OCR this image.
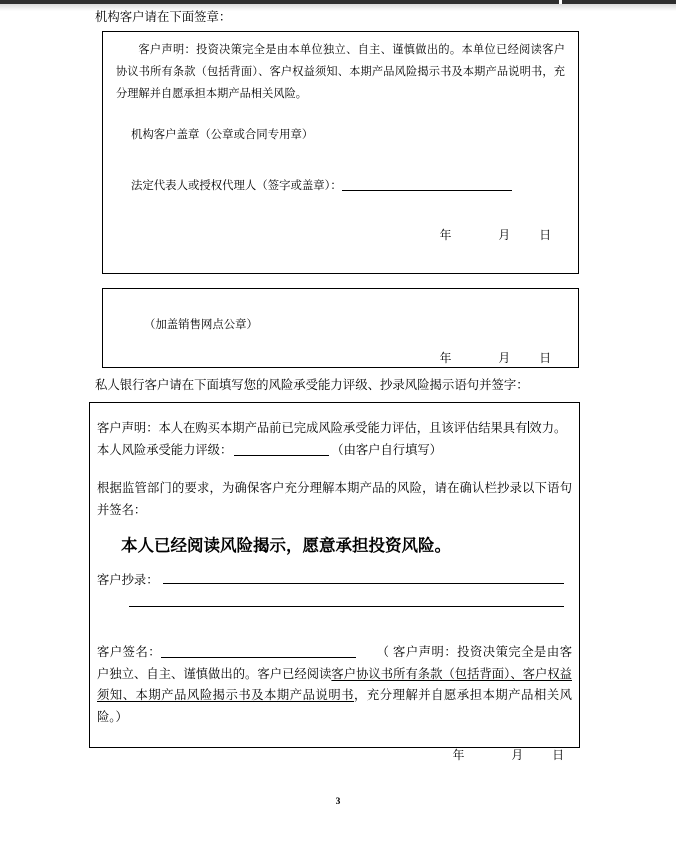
机构客户请在下面签章：

客户声明：投资决策完全是由本单位独立、自主、谨慎做出的。本单位已经阅读客户协议书所有条款（包括背面）、客户权益须知、本期产品风险揭示书及本期产品说明书，充分理解并自愿承担本期产品相关风险。

机构客户盖章（公章或合同专用章）
法定代表人或授权代理人（签字或盖章）：
年	月 日
（加盖销售网点公章）
年	月 日
私人银行客户请在下面填写您的风险承受能力评级、抄录风险揭示语句并签字：

客户声明：本人在购买本期产品前已完成风险承受能力评估，且该评估结果具有 效力。

本人风险承受能力评级：	（由客户自行填写）

根据监管部门的要求，为确保客户充分理解本期产品的风险，请在确认栏抄录以下语句并签名：

本人已经阅读风险揭示，愿意承担投资风险。
客户抄录：

客户签名：	（ 客户声明：投资决策完全是由客户独立、自主、谨慎做出的。客户已经阅读客户协议书所有条款（包括背面）、客户权益须知、本期产品风险揭示书及本期产品说明书，充分理解并自愿承担本期产品相关风险。）

年	月 日
3
